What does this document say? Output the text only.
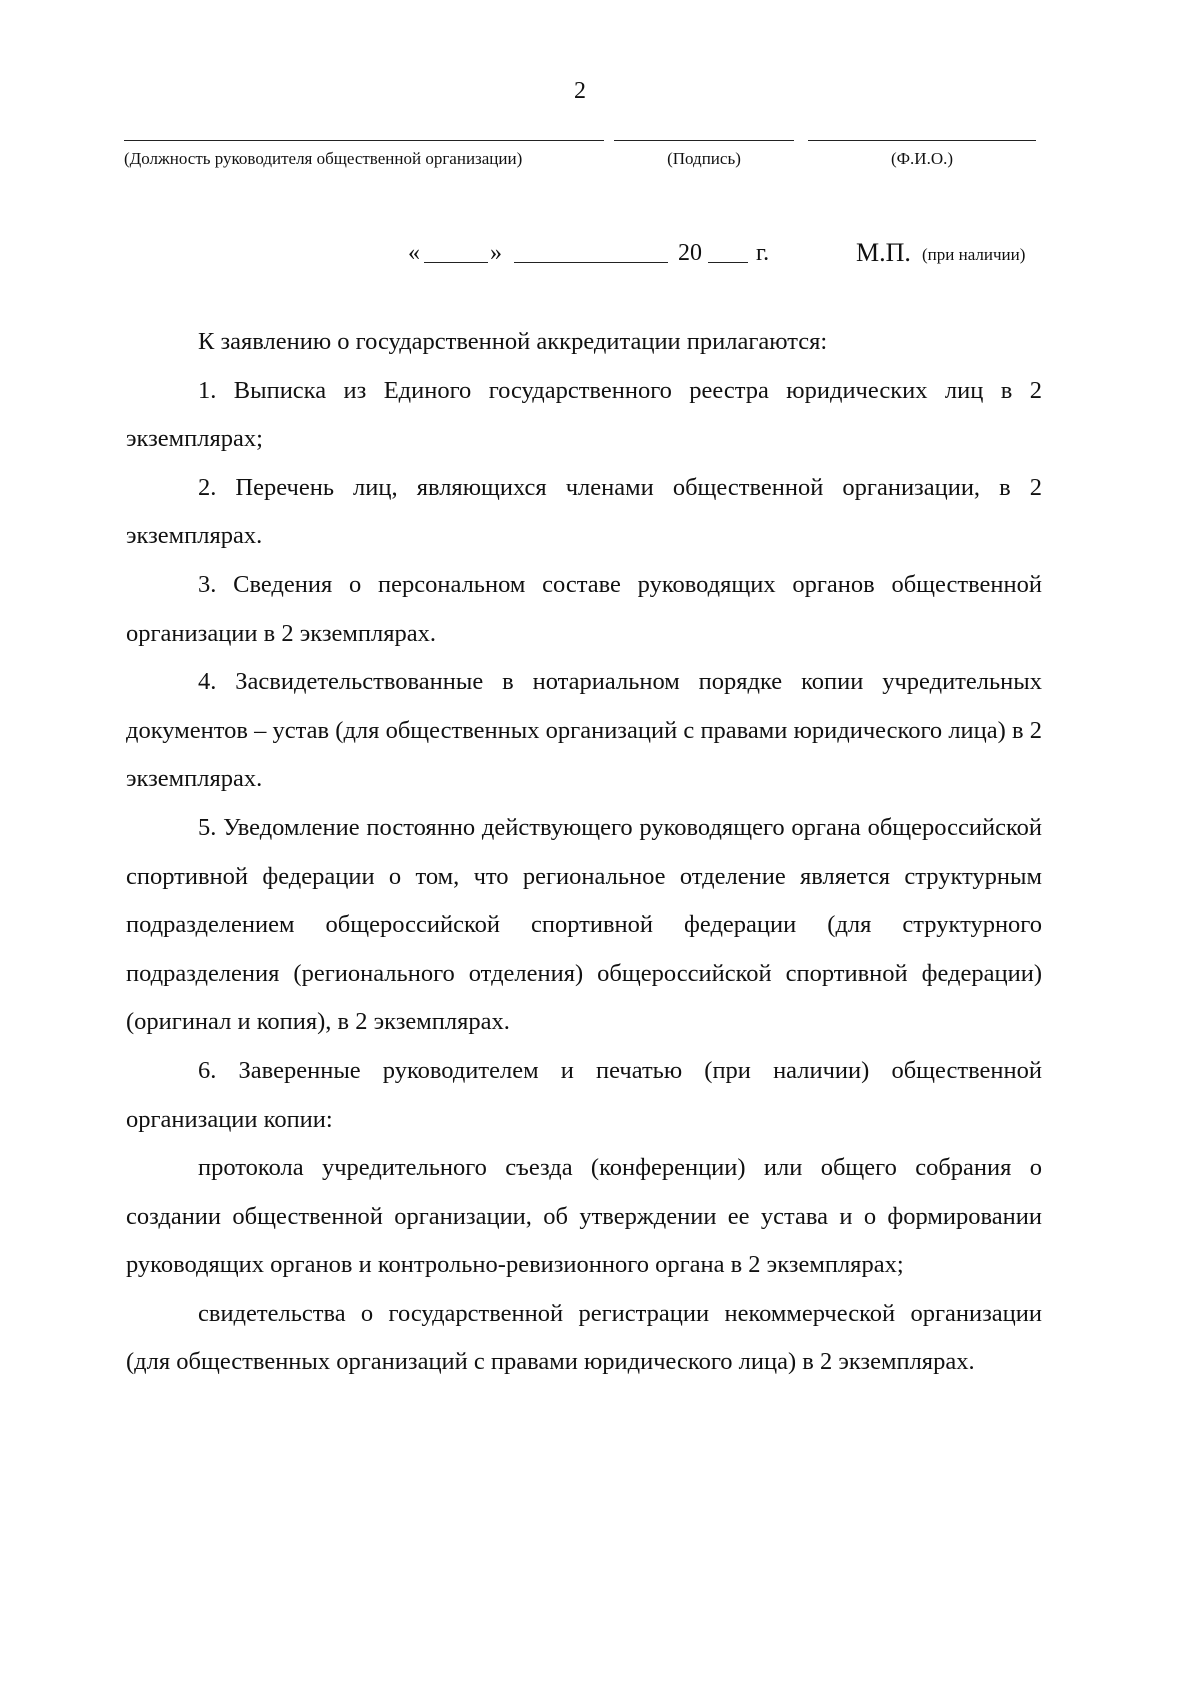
2
(Должность руководителя общественной организации)	(Подпись)	(Ф.И.О.)
«	»	20 г.	М.П. (при наличии)

К заявлению о государственной аккредитации прилагаются:

1. Выписка из Единого государственного реестра юридических лиц в 2 экземплярах;

2. Перечень лиц, являющихся членами общественной организации, в 2 экземплярах.

3. Сведения о персональном составе руководящих органов общественной организации в 2 экземплярах.

4. Засвидетельствованные в нотариальном порядке копии учредительных документов – устав (для общественных организаций с правами юридического лица) в 2 экземплярах.

5. Уведомление постоянно действующего руководящего органа общероссийской спортивной федерации о том, что региональное отделение является структурным подразделением общероссийской спортивной федерации (для структурного подразделения (регионального отделения) общероссийской спортивной федерации) (оригинал и копия), в 2 экземплярах.

6. Заверенные руководителем и печатью (при наличии) общественной организации копии:

протокола учредительного съезда (конференции) или общего собрания о создании общественной организации, об утверждении ее устава и о формировании руководящих органов и контрольно-ревизионного органа в 2 экземплярах;

свидетельства о государственной регистрации некоммерческой организации (для общественных организаций с правами юридического лица) в 2 экземплярах.
